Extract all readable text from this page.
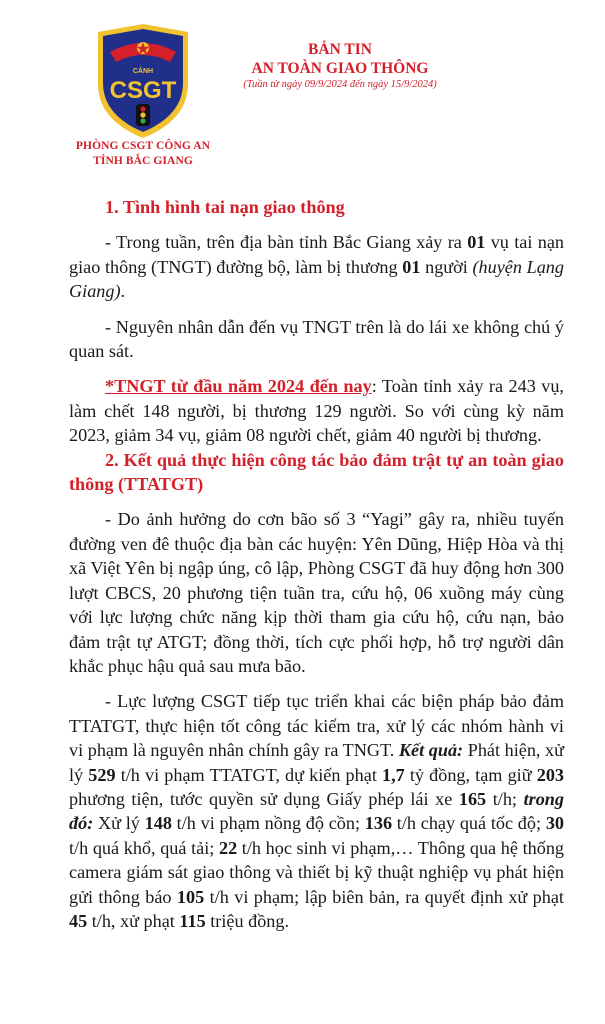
CẢNH
CSGT
PHÒNG CSGT CÔNG AN
TỈNH BẮC GIANG
BẢN TIN
AN TOÀN GIAO THÔNG
(Tuần từ ngày 09/9/2024 đến ngày 15/9/2024)

1. Tình hình tai nạn giao thông

- Trong tuần, trên địa bàn tỉnh Bắc Giang xảy ra 01 vụ tai nạn giao thông (TNGT) đường bộ, làm bị thương 01 người (huyện Lạng Giang).

- Nguyên nhân dẫn đến vụ TNGT trên là do lái xe không chú ý quan sát.

*TNGT từ đầu năm 2024 đến nay: Toàn tỉnh xảy ra 243 vụ, làm chết 148 người, bị thương 129 người. So với cùng kỳ năm 2023, giảm 34 vụ, giảm 08 người chết, giảm 40 người bị thương.

2. Kết quả thực hiện công tác bảo đảm trật tự an toàn giao thông (TTATGT)

- Do ảnh hưởng do cơn bão số 3 “Yagi” gây ra, nhiều tuyến đường ven đê thuộc địa bàn các huyện: Yên Dũng, Hiệp Hòa và thị xã Việt Yên bị ngập úng, cô lập, Phòng CSGT đã huy động hơn 300 lượt CBCS, 20 phương tiện tuần tra, cứu hộ, 06 xuồng máy cùng với lực lượng chức năng kịp thời tham gia cứu hộ, cứu nạn, bảo đảm trật tự ATGT; đồng thời, tích cực phối hợp, hỗ trợ người dân khắc phục hậu quả sau mưa bão.

- Lực lượng CSGT tiếp tục triển khai các biện pháp bảo đảm TTATGT, thực hiện tốt công tác kiểm tra, xử lý các nhóm hành vi vi phạm là nguyên nhân chính gây ra TNGT. Kết quả: Phát hiện, xử lý 529 t/h vi phạm TTATGT, dự kiến phạt 1,7 tỷ đồng, tạm giữ 203 phương tiện, tước quyền sử dụng Giấy phép lái xe 165 t/h; trong đó: Xử lý 148 t/h vi phạm nồng độ cồn; 136 t/h chạy quá tốc độ; 30 t/h quá khổ, quá tải; 22 t/h học sinh vi phạm,… Thông qua hệ thống camera giám sát giao thông và thiết bị kỹ thuật nghiệp vụ phát hiện gửi thông báo 105 t/h vi phạm; lập biên bản, ra quyết định xử phạt 45 t/h, xử phạt 115 triệu đồng.
